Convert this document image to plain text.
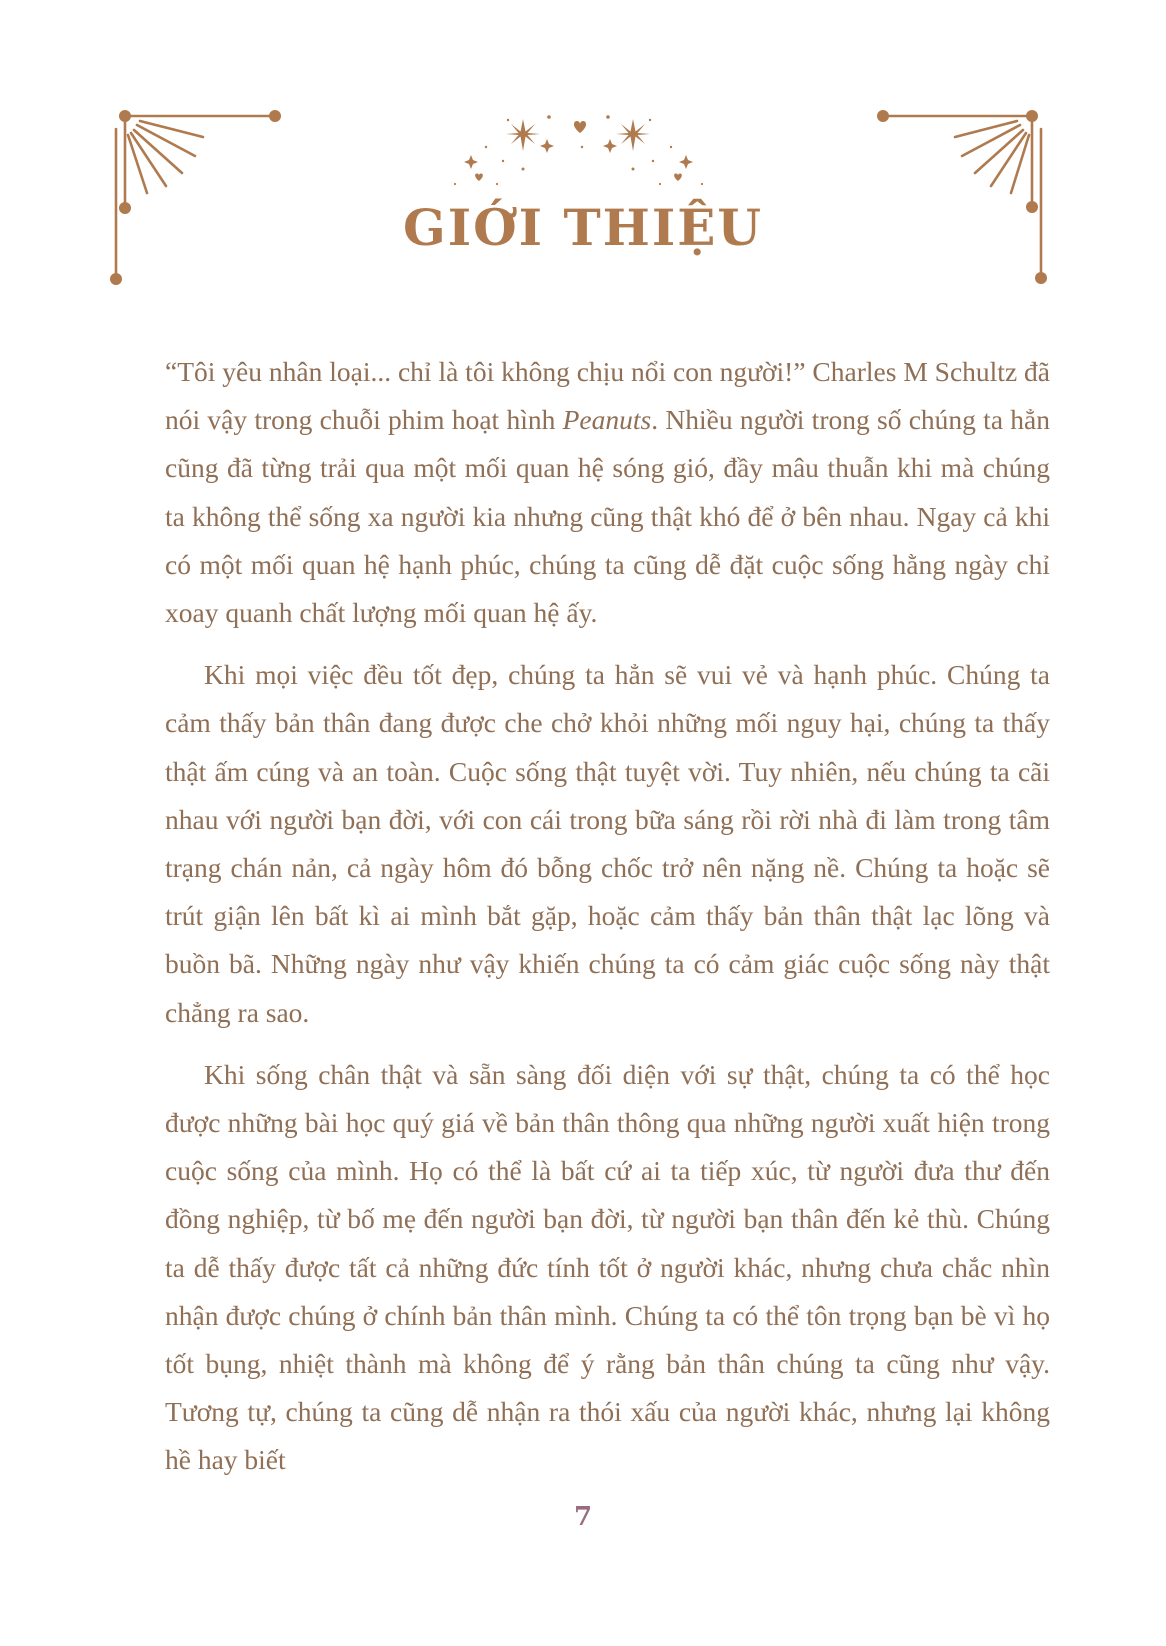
GIỚI THIỆU

“Tôi yêu nhân loại... chỉ là tôi không chịu nổi con người!” Charles M Schultz đã nói vậy trong chuỗi phim hoạt hình Peanuts. Nhiều người trong số chúng ta hẳn cũng đã từng trải qua một mối quan hệ sóng gió, đầy mâu thuẫn khi mà chúng ta không thể sống xa người kia nhưng cũng thật khó để ở bên nhau. Ngay cả khi có một mối quan hệ hạnh phúc, chúng ta cũng dễ đặt cuộc sống hằng ngày chỉ xoay quanh chất lượng mối quan hệ ấy.

Khi mọi việc đều tốt đẹp, chúng ta hẳn sẽ vui vẻ và hạnh phúc. Chúng ta cảm thấy bản thân đang được che chở khỏi những mối nguy hại, chúng ta thấy thật ấm cúng và an toàn. Cuộc sống thật tuyệt vời. Tuy nhiên, nếu chúng ta cãi nhau với người bạn đời, với con cái trong bữa sáng rồi rời nhà đi làm trong tâm trạng chán nản, cả ngày hôm đó bỗng chốc trở nên nặng nề. Chúng ta hoặc sẽ trút giận lên bất kì ai mình bắt gặp, hoặc cảm thấy bản thân thật lạc lõng và buồn bã. Những ngày như vậy khiến chúng ta có cảm giác cuộc sống này thật chẳng ra sao.

Khi sống chân thật và sẵn sàng đối diện với sự thật, chúng ta có thể học được những bài học quý giá về bản thân thông qua những người xuất hiện trong cuộc sống của mình. Họ có thể là bất cứ ai ta tiếp xúc, từ người đưa thư đến đồng nghiệp, từ bố mẹ đến người bạn đời, từ người bạn thân đến kẻ thù. Chúng ta dễ thấy được tất cả những đức tính tốt ở người khác, nhưng chưa chắc nhìn nhận được chúng ở chính bản thân mình. Chúng ta có thể tôn trọng bạn bè vì họ tốt bụng, nhiệt thành mà không để ý rằng bản thân chúng ta cũng như vậy. Tương tự, chúng ta cũng dễ nhận ra thói xấu của người khác, nhưng lại không hề hay biết

7
